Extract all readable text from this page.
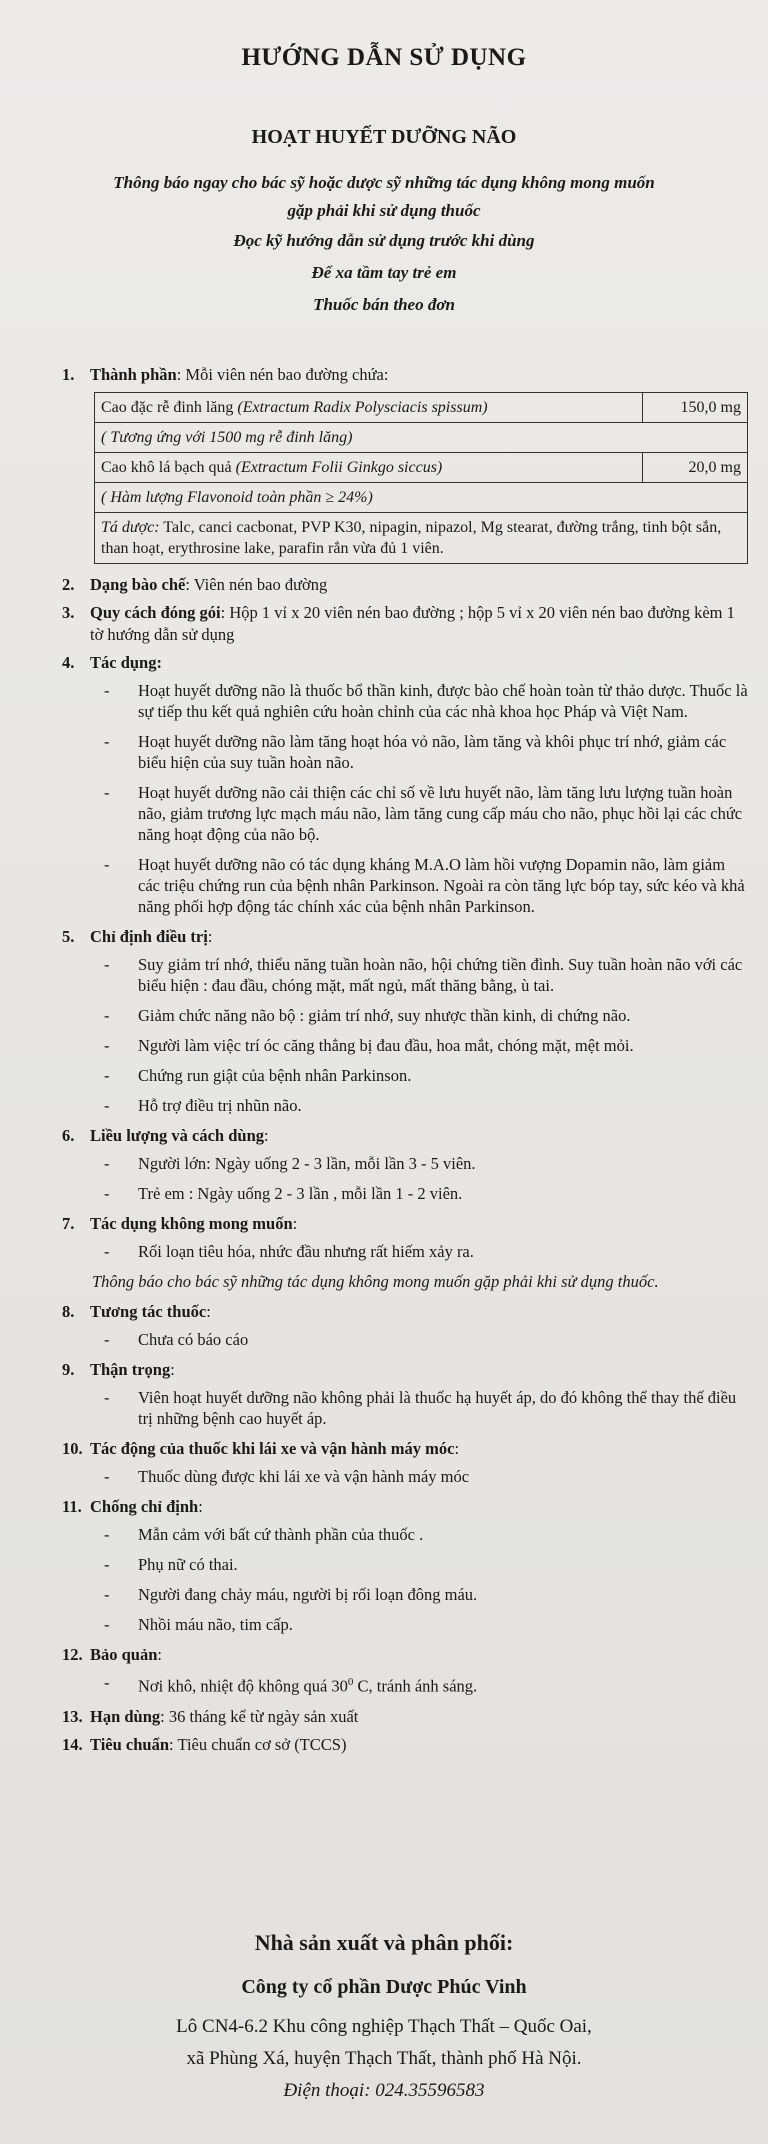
HƯỚNG DẪN SỬ DỤNG
HOẠT HUYẾT DƯỠNG NÃO
Thông báo ngay cho bác sỹ hoặc dược sỹ những tác dụng không mong muốn
gặp phải khi sử dụng thuốc
Đọc kỹ hướng dẫn sử dụng trước khi dùng
Để xa tầm tay trẻ em
Thuốc bán theo đơn
1. Thành phần: Mỗi viên nén bao đường chứa:
Cao đặc rễ đinh lăng (Extractum Radix Polysciacis spissum)	150,0 mg
( Tương ứng với 1500 mg rễ đinh lăng)	
Cao khô lá bạch quả (Extractum Folii Ginkgo siccus)	20,0 mg
( Hàm lượng Flavonoid toàn phần ≥ 24%)	
Tá dược: Talc, canci cacbonat, PVP K30, nipagin, nipazol, Mg stearat, đường trắng, tinh bột sắn, than hoạt, erythrosine lake, parafin rắn vừa đủ 1 viên.	
2. Dạng bào chế: Viên nén bao đường
3. Quy cách đóng gói: Hộp 1 vỉ x 20 viên nén bao đường ; hộp 5 vỉ x 20 viên nén bao đường kèm 1 tờ hướng dẫn sử dụng
4. Tác dụng:
-	Hoạt huyết dưỡng não là thuốc bổ thần kinh, được bào chế hoàn toàn từ thảo dược. Thuốc là sự tiếp thu kết quả nghiên cứu hoàn chỉnh của các nhà khoa học Pháp và Việt Nam.
-	Hoạt huyết dưỡng não làm tăng hoạt hóa vỏ não, làm tăng và khôi phục trí nhớ, giảm các biểu hiện của suy tuần hoàn não.
-	Hoạt huyết dưỡng não cải thiện các chỉ số về lưu huyết não, làm tăng lưu lượng tuần hoàn não, giảm trương lực mạch máu não, làm tăng cung cấp máu cho não, phục hồi lại các chức năng hoạt động của não bộ.
-	Hoạt huyết dưỡng não có tác dụng kháng M.A.O làm hồi vượng Dopamin não, làm giảm các triệu chứng run của bệnh nhân Parkinson. Ngoài ra còn tăng lực bóp tay, sức kéo và khả năng phối hợp động tác chính xác của bệnh nhân Parkinson.
5. Chỉ định điều trị:
-	Suy giảm trí nhớ, thiểu năng tuần hoàn não, hội chứng tiền đình. Suy tuần hoàn não với các biểu hiện : đau đầu, chóng mặt, mất ngủ, mất thăng bằng, ù tai.
-	Giảm chức năng não bộ : giảm trí nhớ, suy nhược thần kinh, di chứng não.
-	Người làm việc trí óc căng thẳng bị đau đầu, hoa mắt, chóng mặt, mệt mỏi.
-	Chứng run giật của bệnh nhân Parkinson.
-	Hỗ trợ điều trị nhũn não.
6. Liều lượng và cách dùng:
-	Người lớn: Ngày uống 2 - 3 lần, mỗi lần 3 - 5 viên.
-	Trẻ em : Ngày uống 2 - 3 lần , mỗi lần 1 - 2 viên.
7. Tác dụng không mong muốn:
-	Rối loạn tiêu hóa, nhức đầu nhưng rất hiếm xảy ra.
Thông báo cho bác sỹ những tác dụng không mong muốn gặp phải khi sử dụng thuốc.
8. Tương tác thuốc:
-	Chưa có báo cáo
9. Thận trọng:
-	Viên hoạt huyết dưỡng não không phải là thuốc hạ huyết áp, do đó không thể thay thế điều trị những bệnh cao huyết áp.
10. Tác động của thuốc khi lái xe và vận hành máy móc:
-	Thuốc dùng được khi lái xe và vận hành máy móc
11. Chống chỉ định:
-	Mẫn cảm với bất cứ thành phần của thuốc .
-	Phụ nữ có thai.
-	Người đang chảy máu, người bị rối loạn đông máu.
-	Nhồi máu não, tim cấp.
12. Bảo quản:
-	Nơi khô, nhiệt độ không quá $30^0$ C, tránh ánh sáng.
13. Hạn dùng: 36 tháng kể từ ngày sản xuất
14. Tiêu chuẩn: Tiêu chuẩn cơ sở (TCCS)
Nhà sản xuất và phân phối:
Công ty cổ phần Dược Phúc Vinh
Lô CN4-6.2 Khu công nghiệp Thạch Thất – Quốc Oai,
xã Phùng Xá, huyện Thạch Thất, thành phố Hà Nội.
Điện thoại: 024.35596583
